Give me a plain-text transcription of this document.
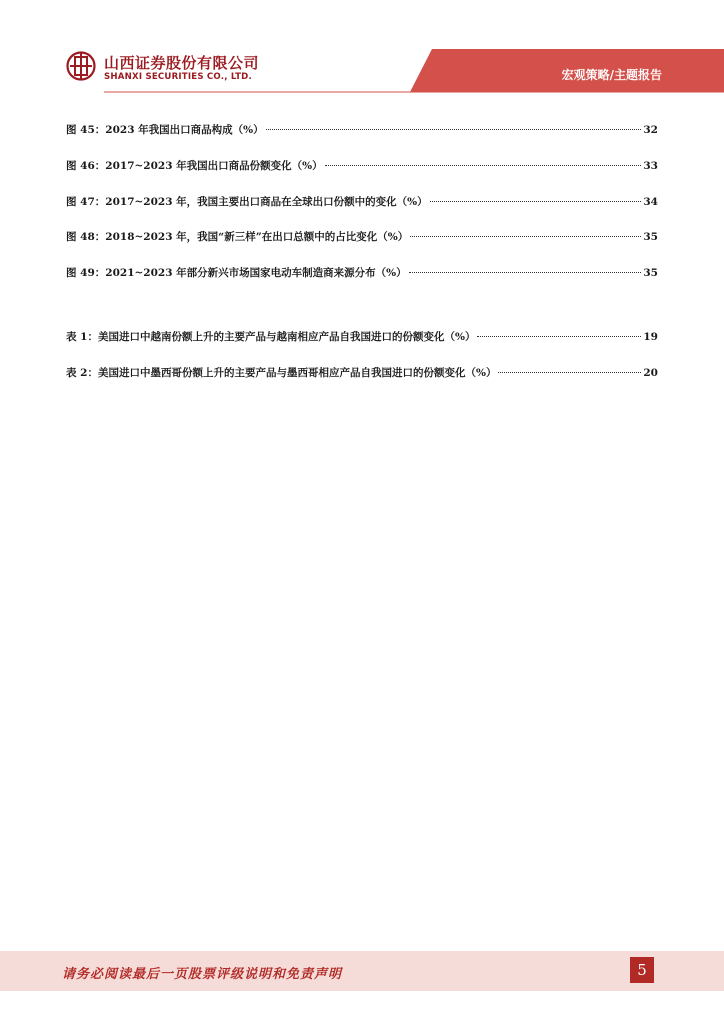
山西证券股份有限公司
SHANXI SECURITIES CO., LTD.	宏观策略/主题报告
图 45： 2023 年我国出口商品构成（%）	32
图 46： 2017~2023 年我国出口商品份额变化（%）	33
图 47： 2017~2023 年，我国主要出口商品在全球出口份额中的变化（%）	34
图 48： 2018~2023 年，我国“新三样”在出口总额中的占比变化（%）	35
图 49： 2021~2023 年部分新兴市场国家电动车制造商来源分布（%）	35
表 1： 美国进口中越南份额上升的主要产品与越南相应产品自我国进口的份额变化（%）	19
表 2： 美国进口中墨西哥份额上升的主要产品与墨西哥相应产品自我国进口的份额变化（%）	20
请务必阅读最后一页股票评级说明和免责声明	5
